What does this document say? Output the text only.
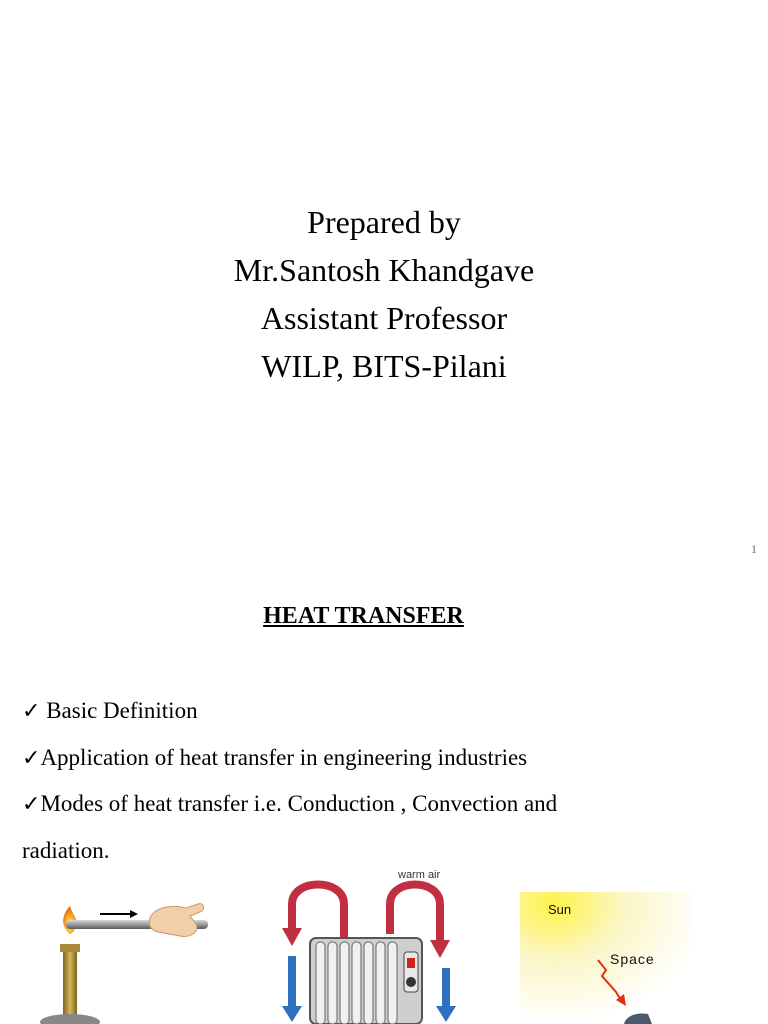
Prepared by
Mr.Santosh Khandgave
Assistant Professor
WILP, BITS-Pilani
1
HEAT TRANSFER
✓ Basic Definition
✓Application of heat transfer in engineering industries
✓Modes of heat transfer i.e. Conduction , Convection and
radiation.
warm air
Sun
Space
